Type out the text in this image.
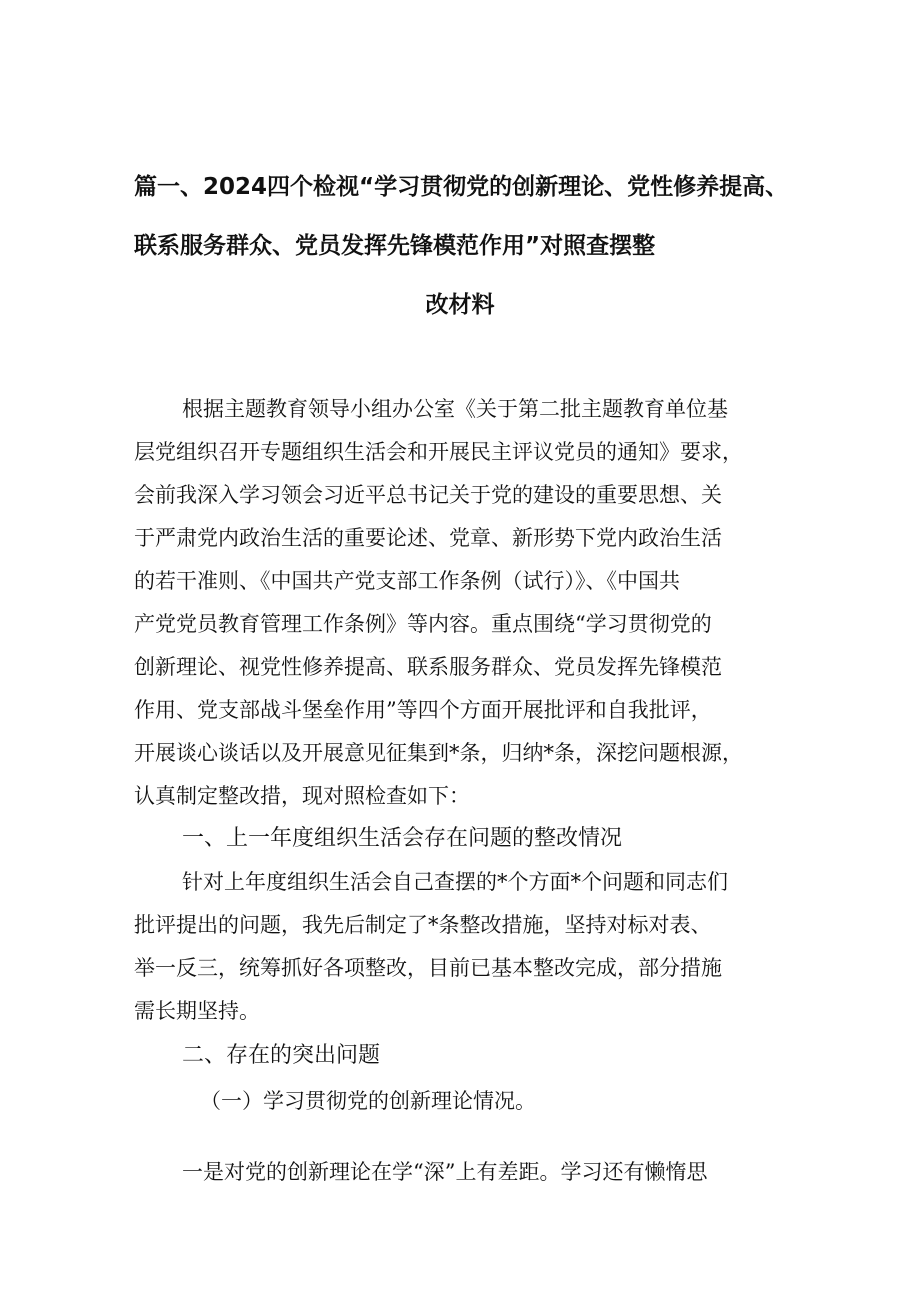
篇一、2024四个检视“学习贯彻党的创新理论、党性修养提高、
联系服务群众、党员发挥先锋模范作用”对照查摆整
改材料
根据主题教育领导小组办公室《关于第二批主题教育单位基
层党组织召开专题组织生活会和开展民主评议党员的通知》要求，
会前我深入学习领会习近平总书记关于党的建设的重要思想、关
于严肃党内政治生活的重要论述、党章、新形势下党内政治生活
的若干准则、《中国共产党支部工作条例（试行）》、《中国共
产党党员教育管理工作条例》等内容。重点围绕“学习贯彻党的
创新理论、视党性修养提高、联系服务群众、党员发挥先锋模范
作用、党支部战斗堡垒作用”等四个方面开展批评和自我批评，
开展谈心谈话以及开展意见征集到*条，归纳*条，深挖问题根源，
认真制定整改措，现对照检查如下：
一、上一年度组织生活会存在问题的整改情况
针对上年度组织生活会自己查摆的*个方面*个问题和同志们
批评提出的问题，我先后制定了*条整改措施，坚持对标对表、
举一反三，统筹抓好各项整改，目前已基本整改完成，部分措施
需长期坚持。
二、存在的突出问题
（一）学习贯彻党的创新理论情况。
一是对党的创新理论在学“深”上有差距。学习还有懒惰思
